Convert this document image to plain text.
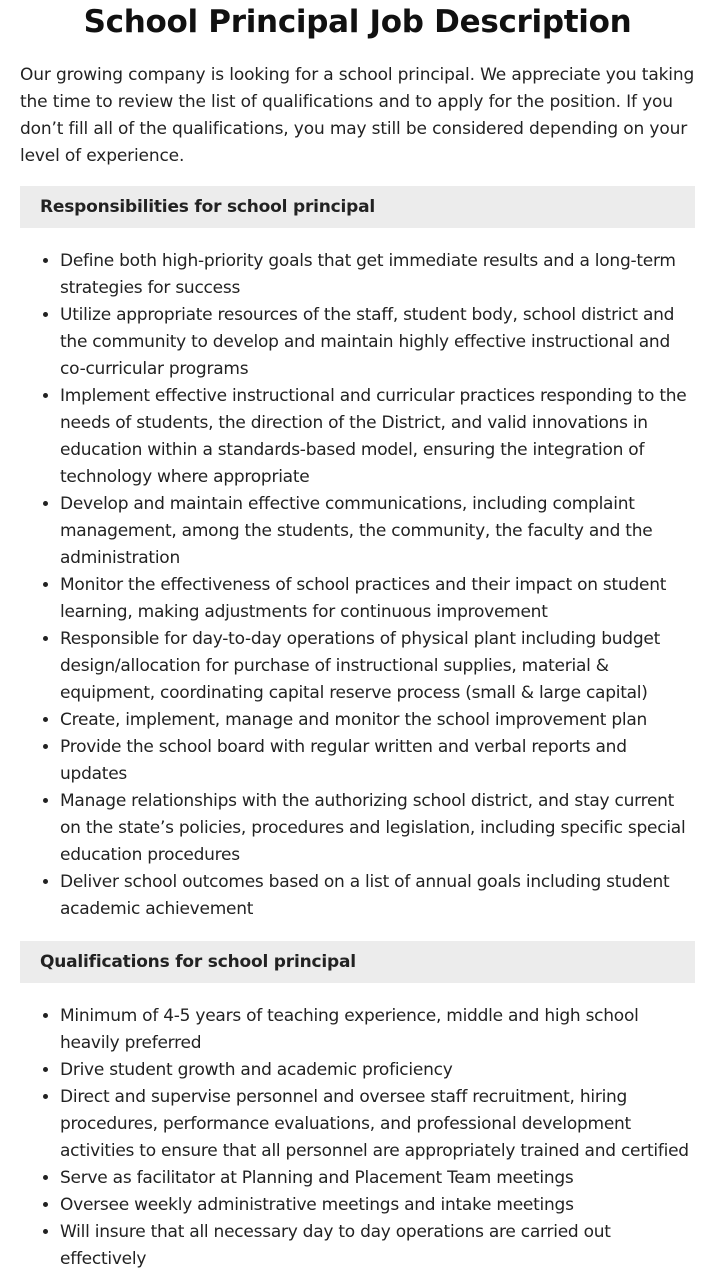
School Principal Job Description

Our growing company is looking for a school principal. We appreciate you taking the time to review the list of qualifications and to apply for the position. If you don’t fill all of the qualifications, you may still be considered depending on your level of experience.

Responsibilities for school principal
• Define both high-priority goals that get immediate results and a long-term strategies for success
• Utilize appropriate resources of the staff, student body, school district and the community to develop and maintain highly effective instructional and co-curricular programs
• Implement effective instructional and curricular practices responding to the needs of students, the direction of the District, and valid innovations in education within a standards-based model, ensuring the integration of technology where appropriate
• Develop and maintain effective communications, including complaint management, among the students, the community, the faculty and the administration
• Monitor the effectiveness of school practices and their impact on student learning, making adjustments for continuous improvement
• Responsible for day-to-day operations of physical plant including budget design/allocation for purchase of instructional supplies, material & equipment, coordinating capital reserve process (small & large capital)
• Create, implement, manage and monitor the school improvement plan
• Provide the school board with regular written and verbal reports and updates
• Manage relationships with the authorizing school district, and stay current on the state’s policies, procedures and legislation, including specific special education procedures
• Deliver school outcomes based on a list of annual goals including student academic achievement
Qualifications for school principal
• Minimum of 4-5 years of teaching experience, middle and high school heavily preferred
• Drive student growth and academic proficiency
• Direct and supervise personnel and oversee staff recruitment, hiring procedures, performance evaluations, and professional development activities to ensure that all personnel are appropriately trained and certified
• Serve as facilitator at Planning and Placement Team meetings
• Oversee weekly administrative meetings and intake meetings
• Will insure that all necessary day to day operations are carried out effectively
